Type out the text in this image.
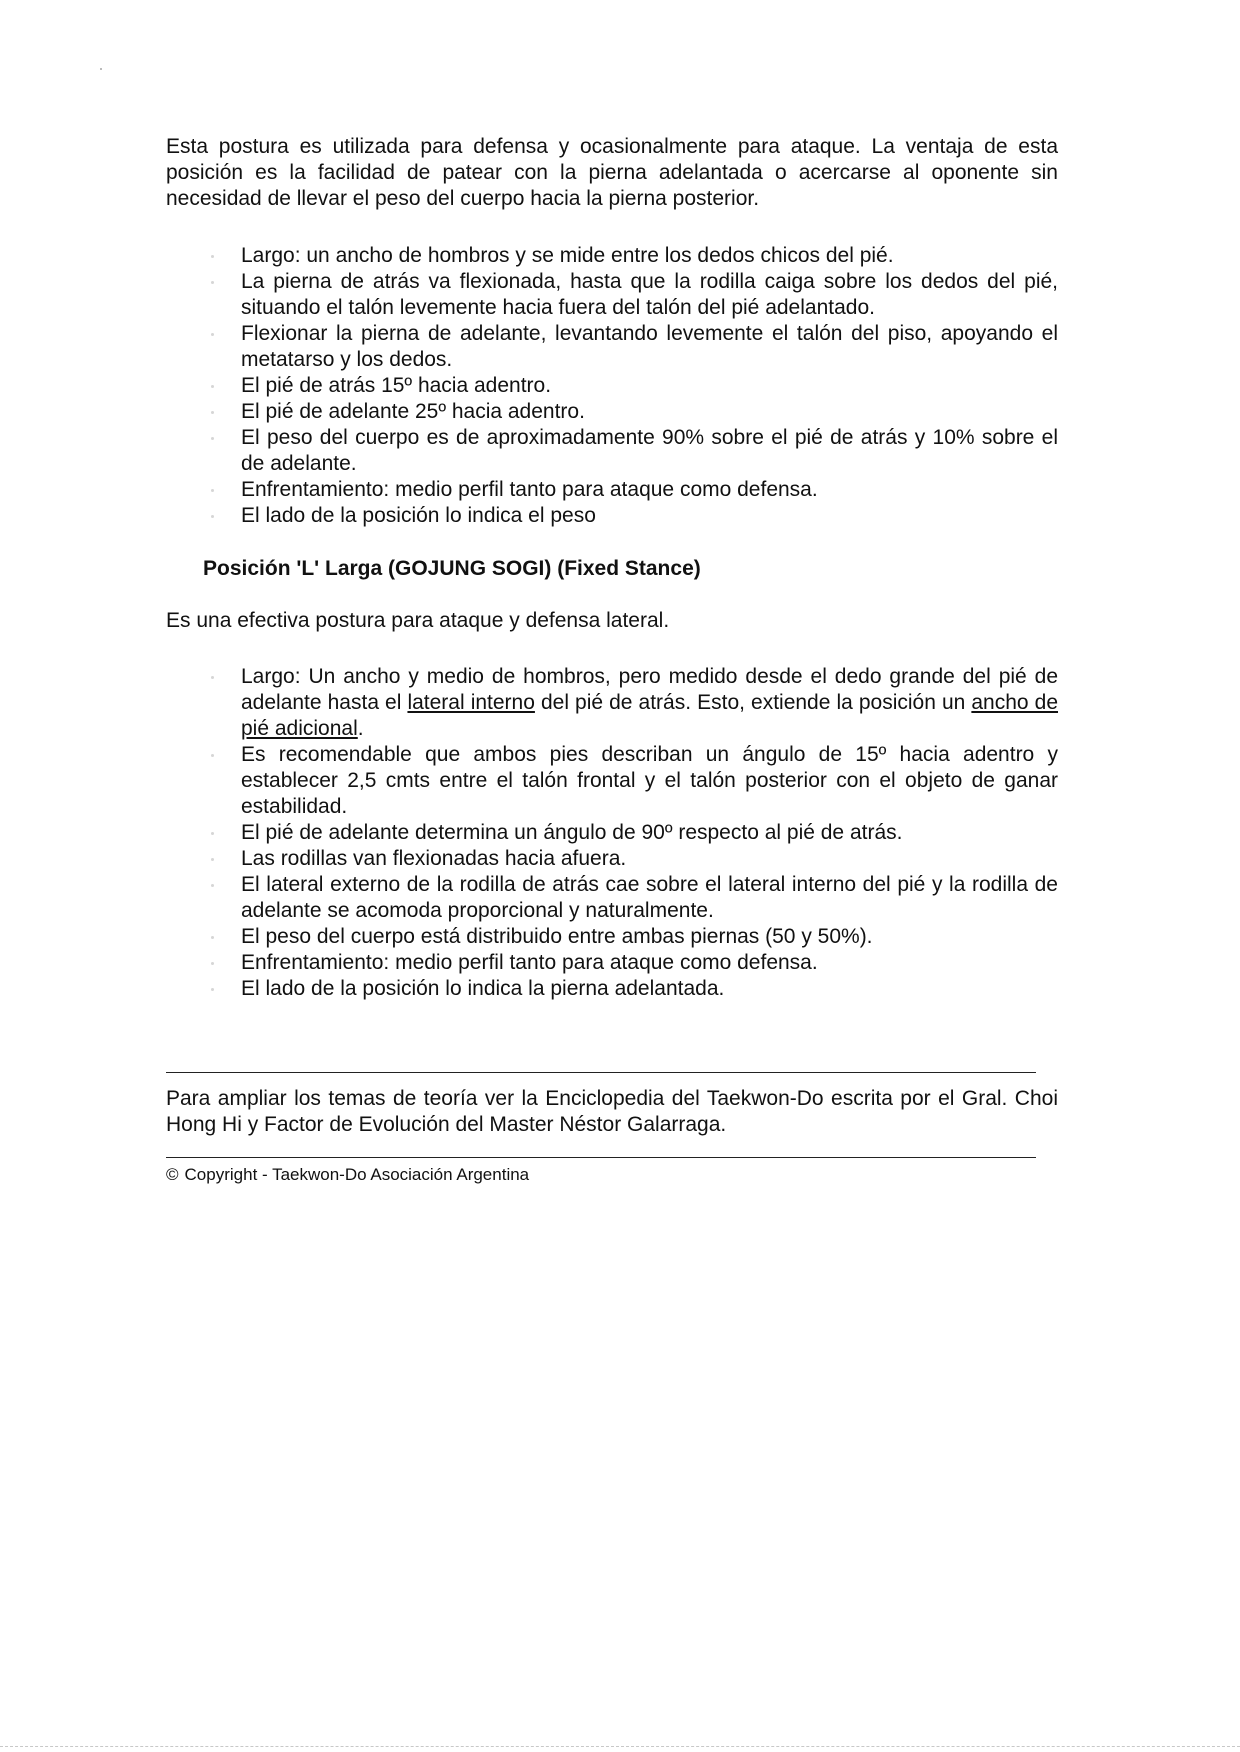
Esta postura es utilizada para defensa y ocasionalmente para ataque. La ventaja de esta posición es la facilidad de patear con la pierna adelantada o acercarse al oponente sin necesidad de llevar el peso del cuerpo hacia la pierna posterior.

Largo: un ancho de hombros y se mide entre los dedos chicos del pié.
La pierna de atrás va flexionada, hasta que la rodilla caiga sobre los dedos del pié, situando el talón levemente hacia fuera del talón del pié adelantado.
Flexionar la pierna de adelante, levantando levemente el talón del piso, apoyando el metatarso y los dedos.
El pié de atrás 15º hacia adentro.
El pié de adelante 25º hacia adentro.
El peso del cuerpo es de aproximadamente 90% sobre el pié de atrás y 10% sobre el de adelante.
Enfrentamiento: medio perfil tanto para ataque como defensa.
El lado de la posición lo indica el peso
Posición 'L' Larga (GOJUNG SOGI) (Fixed Stance)

Es una efectiva postura para ataque y defensa lateral.

Largo: Un ancho y medio de hombros, pero medido desde el dedo grande del pié de adelante hasta el lateral interno del pié de atrás. Esto, extiende la posición un ancho de pié adicional.
Es recomendable que ambos pies describan un ángulo de 15º hacia adentro y establecer 2,5 cmts entre el talón frontal y el talón posterior con el objeto de ganar estabilidad.
El pié de adelante determina un ángulo de 90º respecto al pié de atrás.
Las rodillas van flexionadas hacia afuera.
El lateral externo de la rodilla de atrás cae sobre el lateral interno del pié y la rodilla de adelante se acomoda proporcional y naturalmente.
El peso del cuerpo está distribuido entre ambas piernas (50 y 50%).
Enfrentamiento: medio perfil tanto para ataque como defensa.
El lado de la posición lo indica la pierna adelantada.

Para ampliar los temas de teoría ver la Enciclopedia del Taekwon-Do escrita por el Gral. Choi Hong Hi y Factor de Evolución del Master Néstor Galarraga.

© Copyright - Taekwon-Do Asociación Argentina
